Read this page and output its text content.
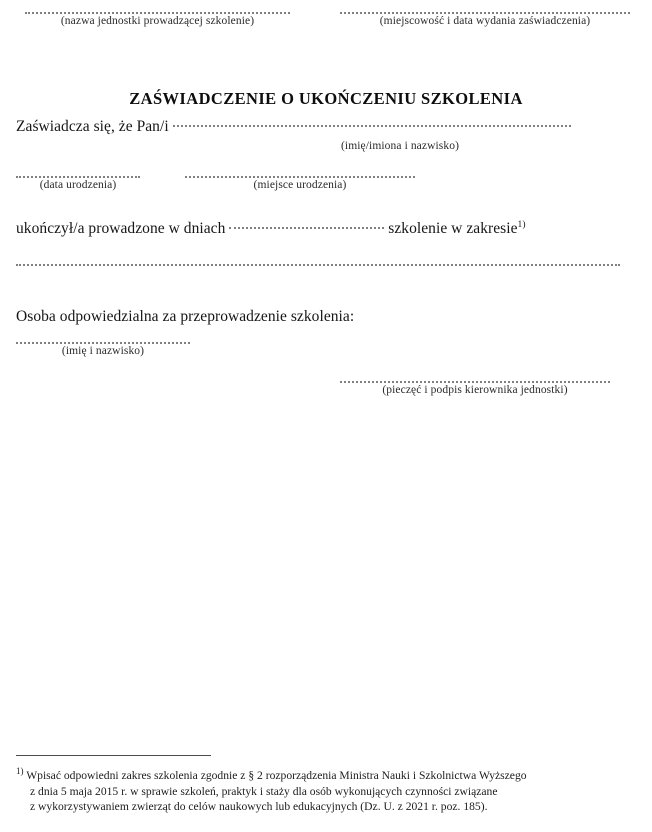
(nazwa jednostki prowadzącej szkolenie)	(miejscowość i data wydania zaświadczenia)
ZAŚWIADCZENIE O UKOŃCZENIU SZKOLENIA
Zaświadcza się, że Pan/i
(imię/imiona i nazwisko)
(data urodzenia)	(miejsce urodzenia)
ukończył/a prowadzone w dniach	szkolenie w zakresie$^{1)}$
Osoba odpowiedzialna za przeprowadzenie szkolenia:
(imię i nazwisko)
(pieczęć i podpis kierownika jednostki)
$^{1)}$ Wpisać odpowiedni zakres szkolenia zgodnie z § 2 rozporządzenia Ministra Nauki i Szkolnictwa Wyższego
z dnia 5 maja 2015 r. w sprawie szkoleń, praktyk i staży dla osób wykonujących czynności związane
z wykorzystywaniem zwierząt do celów naukowych lub edukacyjnych (Dz. U. z 2021 r. poz. 185).
